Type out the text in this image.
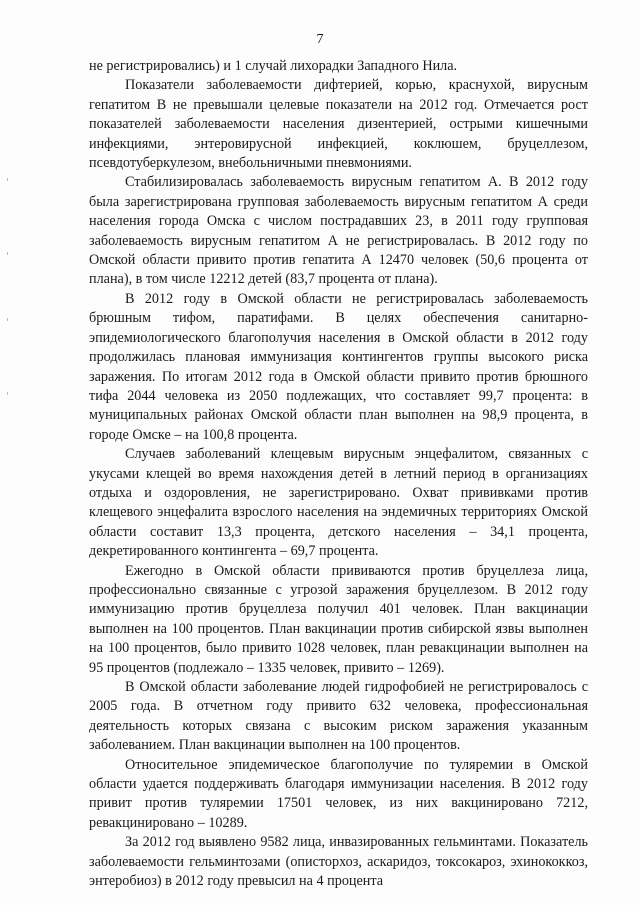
7

не регистрировались) и 1 случай лихорадки Западного Нила.

Показатели заболеваемости дифтерией, корью, краснухой, вирусным гепатитом В не превышали целевые показатели на 2012 год. Отмечается рост показателей заболеваемости населения дизентерией, острыми кишечными инфекциями, энтеровирусной инфекцией, коклюшем, бруцеллезом, псевдотуберкулезом, внебольничными пневмониями.

Стабилизировалась заболеваемость вирусным гепатитом А. В 2012 году была зарегистрирована групповая заболеваемость вирусным гепатитом А среди населения города Омска с числом пострадавших 23, в 2011 году групповая заболеваемость вирусным гепатитом А не регистрировалась. В 2012 году по Омской области привито против гепатита А 12470 человек (50,6 процента от плана), в том числе 12212 детей (83,7 процента от плана).

В 2012 году в Омской области не регистрировалась заболеваемость брюшным тифом, паратифами. В целях обеспечения санитарно-эпидемиологического благополучия населения в Омской области в 2012 году продолжилась плановая иммунизация контингентов группы высокого риска заражения. По итогам 2012 года в Омской области привито против брюшного тифа 2044 человека из 2050 подлежащих, что составляет 99,7 процента: в муниципальных районах Омской области план выполнен на 98,9 процента, в городе Омске – на 100,8 процента.

Случаев заболеваний клещевым вирусным энцефалитом, связанных с укусами клещей во время нахождения детей в летний период в организациях отдыха и оздоровления, не зарегистрировано. Охват прививками против клещевого энцефалита взрослого населения на эндемичных территориях Омской области составит 13,3 процента, детского населения – 34,1 процента, декретированного контингента – 69,7 процента.

Ежегодно в Омской области прививаются против бруцеллеза лица, профессионально связанные с угрозой заражения бруцеллезом. В 2012 году иммунизацию против бруцеллеза получил 401 человек. План вакцинации выполнен на 100 процентов. План вакцинации против сибирской язвы выполнен на 100 процентов, было привито 1028 человек, план ревакцинации выполнен на 95 процентов (подлежало – 1335 человек, привито – 1269).

В Омской области заболевание людей гидрофобией не регистрировалось с 2005 года. В отчетном году привито 632 человека, профессиональная деятельность которых связана с высоким риском заражения указанным заболеванием. План вакцинации выполнен на 100 процентов.

Относительное эпидемическое благополучие по туляремии в Омской области удается поддерживать благодаря иммунизации населения. В 2012 году привит против туляремии 17501 человек, из них вакцинировано 7212, ревакцинировано – 10289.

За 2012 год выявлено 9582 лица, инвазированных гельминтами. Показатель заболеваемости гельминтозами (описторхоз, аскаридоз, токсокароз, эхинококкоз, энтеробиоз) в 2012 году превысил на 4 процента
